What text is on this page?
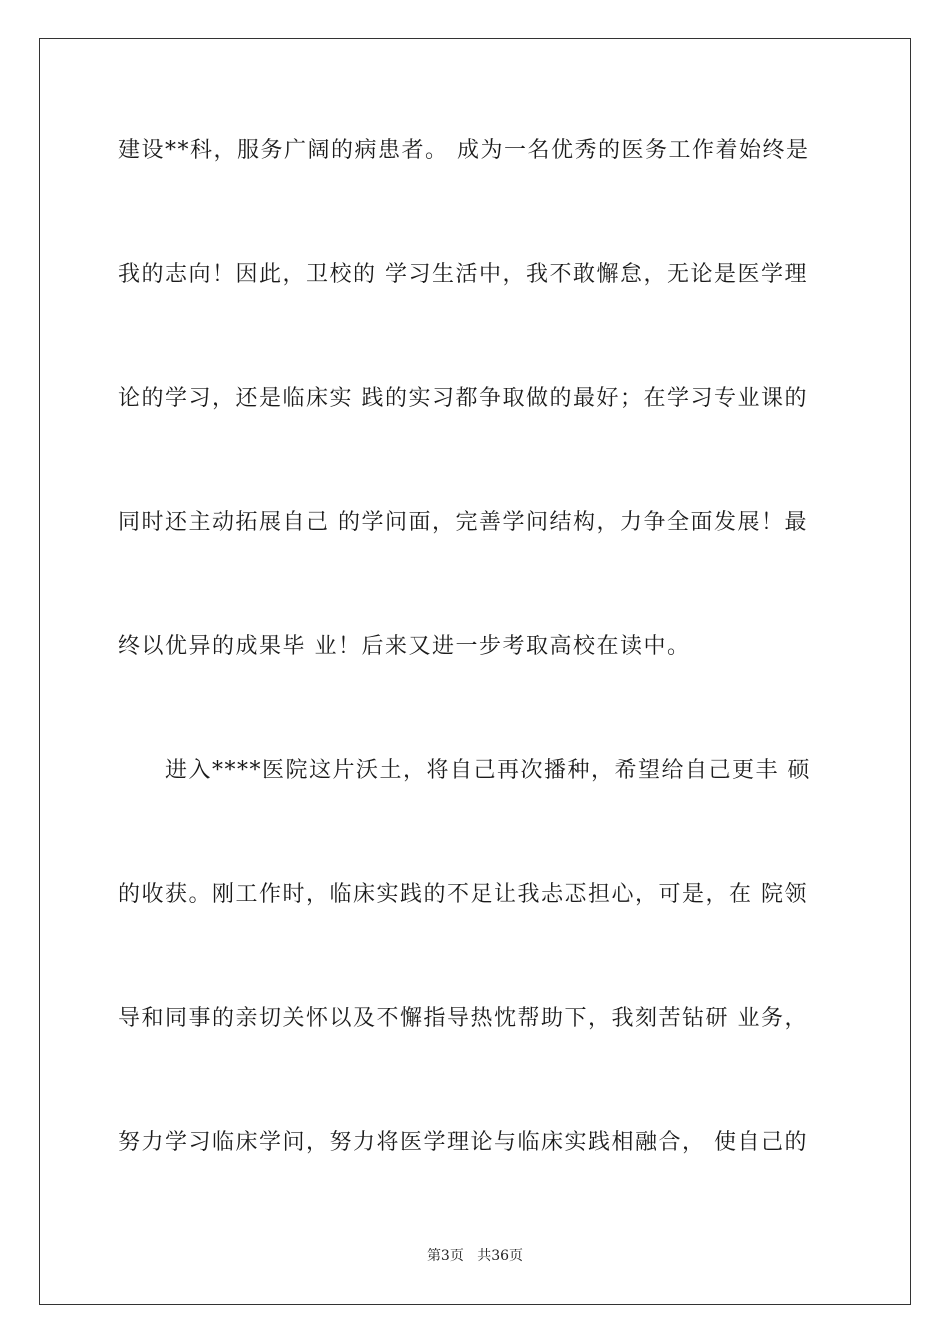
建设**科，服务广阔的病患者。 成为一名优秀的医务工作着始终是
我的志向！因此，卫校的 学习生活中，我不敢懈怠，无论是医学理
论的学习，还是临床实 践的实习都争取做的最好；在学习专业课的
同时还主动拓展自己 的学问面，完善学问结构，力争全面发展！最
终以优异的成果毕 业！后来又进一步考取高校在读中。
进入****医院这片沃土，将自己再次播种，希望给自己更丰 硕
的收获。刚工作时，临床实践的不足让我忐忑担心，可是，在 院领
导和同事的亲切关怀以及不懈指导热忱帮助下，我刻苦钻研 业务，
努力学习临床学问，努力将医学理论与临床实践相融合， 使自己的
第3页 共36页
